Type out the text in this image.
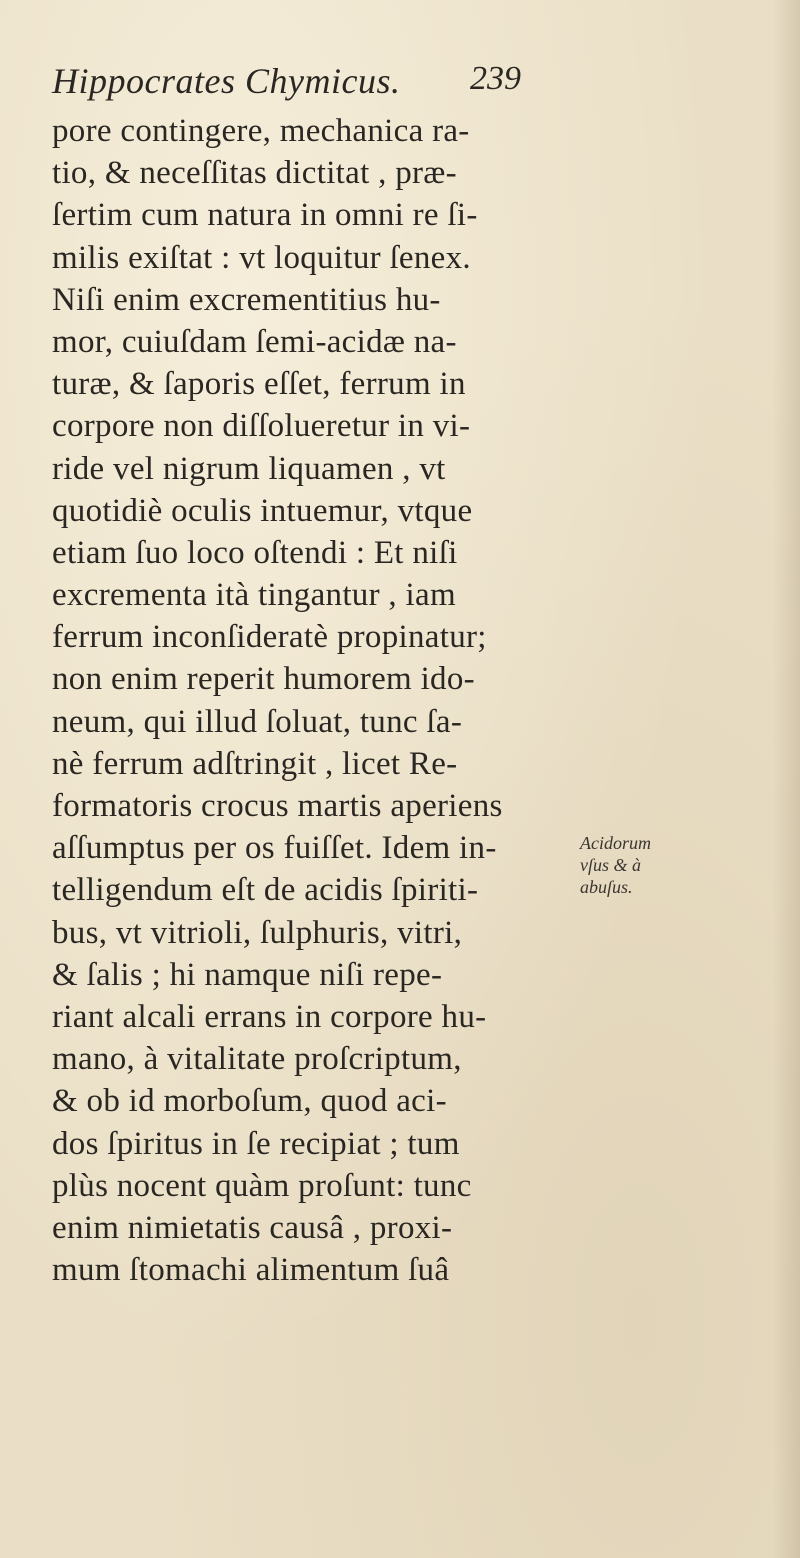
Hippocrates Chymicus. 239
pore contingere, mechanica ra-
tio, & neceſſitas dictitat , præ-
ſertim cum natura in omni re ſi-
milis exiſtat : vt loquitur ſenex.
Niſi enim excrementitius hu-
mor, cuiuſdam ſemi-acidæ na-
turæ, & ſaporis eſſet, ferrum in
corpore non diſſolueretur in vi-
ride vel nigrum liquamen , vt
quotidiè oculis intuemur, vtque
etiam ſuo loco oſtendi : Et niſi
excrementa ità tingantur , iam
ferrum inconſideratè propinatur;
non enim reperit humorem ido-
neum, qui illud ſoluat, tunc ſa-
nè ferrum adſtringit , licet Re-
formatoris crocus martis aperiens
aſſumptus per os fuiſſet. Idem in-
telligendum eſt de acidis ſpiriti-
bus, vt vitrioli, ſulphuris, vitri,
& ſalis ; hi namque niſi repe-
riant alcali errans in corpore hu-
mano, à vitalitate proſcriptum,
& ob id morboſum, quod aci-
dos ſpiritus in ſe recipiat ; tum
plùs nocent quàm proſunt: tunc
enim nimietatis causâ , proxi-
mum ſtomachi alimentum ſuâ
Acidorum
vſus & à
abuſus.
